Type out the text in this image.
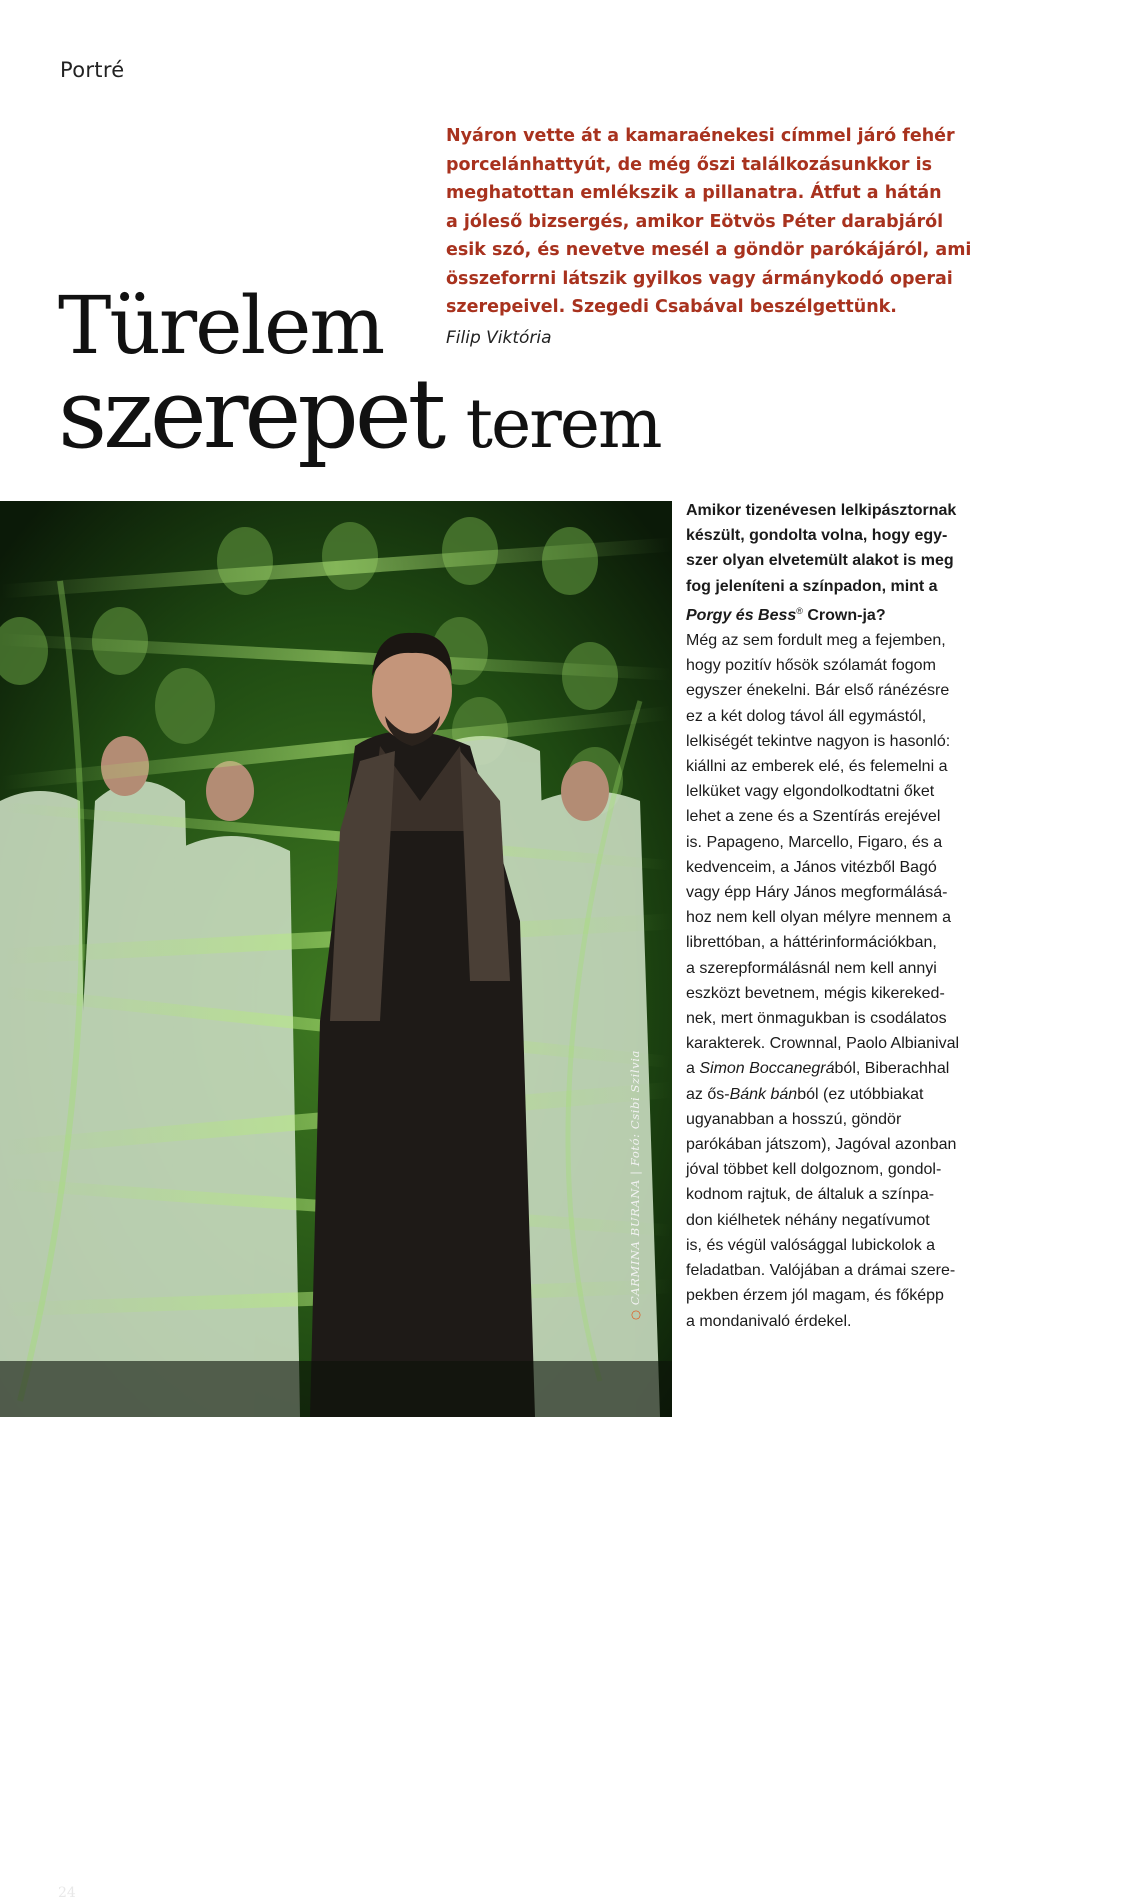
Portré
Nyáron vette át a kamaraénekesi címmel járó fehér
porcelánhattyút, de még őszi találkozásunkkor is
meghatottan emlékszik a pillanatra. Átfut a hátán
a jóleső bizsergés, amikor Eötvös Péter darabjáról
esik szó, és nevetve mesél a göndör parókájáról, ami
összeforrni látszik gyilkos vagy ármánykodó operai
szerepeivel. Szegedi Csabával beszélgettünk.
Filip Viktória
Türelem
szerepet terem
24
○ CARMINA BURANA | Fotó: Csibi Szilvia
Amikor tizenévesen lelkipásztornak
készült, gondolta volna, hogy egy-
szer olyan elvetemült alakot is meg
fog jeleníteni a színpadon, mint a
Porgy és Bess® Crown-ja?
Még az sem fordult meg a fejemben,
hogy pozitív hősök szólamát fogom
egyszer énekelni. Bár első ránézésre
ez a két dolog távol áll egymástól,
lelkiségét tekintve nagyon is hasonló:
kiállni az emberek elé, és felemelni a
lelküket vagy elgondolkodtatni őket
lehet a zene és a Szentírás erejével
is. Papageno, Marcello, Figaro, és a
kedvenceim, a János vitézből Bagó
vagy épp Háry János megformálásá-
hoz nem kell olyan mélyre mennem a
librettóban, a háttérinformációkban,
a szerepformálásnál nem kell annyi
eszközt bevetnem, mégis kikereked-
nek, mert önmagukban is csodálatos
karakterek. Crownnal, Paolo Albianival
a Simon Boccanegrából, Biberachhal
az ős-Bánk bánból (ez utóbbiakat
ugyanabban a hosszú, göndör
parókában játszom), Jagóval azonban
jóval többet kell dolgoznom, gondol-
kodnom rajtuk, de általuk a színpa-
don kiélhetek néhány negatívumot
is, és végül valósággal lubickolok a
feladatban. Valójában a drámai szere-
pekben érzem jól magam, és főképp
a mondanivaló érdekel.
